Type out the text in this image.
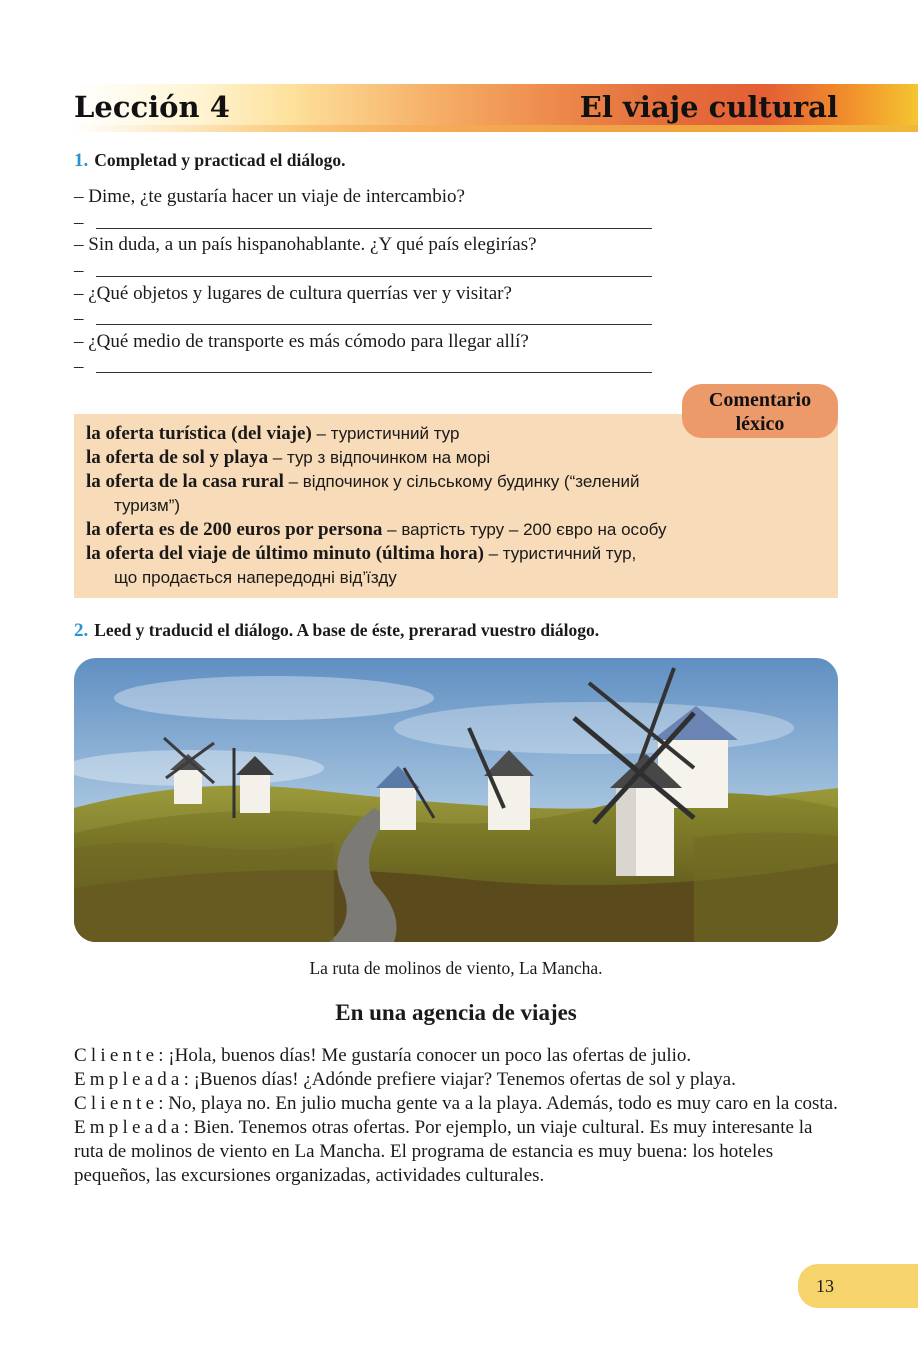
Lección 4	El viaje cultural
1. Completad y practicad el diálogo.
– Dime, ¿te gustaría hacer un viaje de intercambio?
–
– Sin duda, a un país hispanohablante. ¿Y qué país elegirías?
–
– ¿Qué objetos y lugares de cultura querrías ver y visitar?
–
– ¿Qué medio de transporte es más cómodo para llegar allí?
–
Comentario
léxico
la oferta turística (del viaje) – туристичний тур
la oferta de sol y playa – тур з відпочинком на морі
la oferta de la casa rural – відпочинок у сільському будинку (“зелений
туризм”)
la oferta es de 200 euros por persona – вартість туру – 200 євро на особу
la oferta del viaje de último minuto (última hora) – туристичний тур,
що продається напередодні від’їзду
2. Leed y traducid el diálogo. A base de éste, prerarad vuestro diálogo.
La ruta de molinos de viento, La Mancha.
En una agencia de viajes

Cliente: ¡Hola, buenos días! Me gustaría conocer un poco las ofertas de julio.

Empleada: ¡Buenos días! ¿Adónde prefiere viajar? Tenemos ofertas de sol y playa.

Cliente: No, playa no. En julio mucha gente va a la playa. Además, todo es muy caro en la costa.

Empleada: Bien. Tenemos otras ofertas. Por ejemplo, un viaje cultural. Es muy interesante la ruta de molinos de viento en La Mancha. El programa de estancia es muy buena: los hoteles pequeños, las excursiones organizadas, actividades culturales.

13
